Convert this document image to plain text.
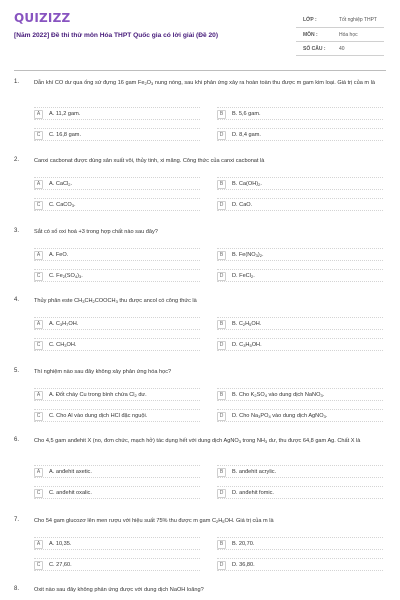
QUIZIZZ
[Năm 2022] Đề thi thử môn Hóa THPT Quốc gia có lời giải (Đề 20)
LỚP :	Tốt nghiệp THPT
MÔN :	Hóa học
SỐ CÂU :	40
1.	Dẫn khí CO dư qua ống sứ đựng 16 gam $Fe_2O_3$ nung nóng, sau khi phản ứng xảy ra hoàn toàn thu được m gam kim loại. Giá trị của m là
A	A. 11,2 gam.	B	B. 5,6 gam.
C	C. 16,8 gam.	D	D. 8,4 gam.
2.	Canxi cacbonat được dùng sản xuất vôi, thủy tinh, xi măng. Công thức của canxi cacbonat là
A	A. CaCl$_2$.	B	B. $Ca(OH)_2$.
C	C. CaCO$_3$.	D	D. CaO.
3.	Sắt có số oxi hoá +3 trong hợp chất nào sau đây?
A	A. FeO.	B	B. $Fe(NO_3)_2$.
C	C. $Fe_2(SO_4)_3$.	D	D. FeCl$_2$.
4.	Thủy phân este $CH_3CH_2COOCH_3$ thu được ancol có công thức là
A	A. $C_3H_7OH$.	B	B. $C_2H_5OH$.
C	C. $CH_3OH$.	D	D. $C_3H_5OH$.
5.	Thí nghiệm nào sau đây không xảy phản ứng hóa học?
A	A. Đốt cháy Cu trong bình chứa $Cl_2$ dư.	B	B. Cho $K_2SO_4$ vào dung dịch NaNO$_3$.
C	C. Cho Al vào dung dịch HCl đặc nguội.	D	D. Cho $Na_3PO_4$ vào dung dịch AgNO$_3$.
6.	Cho 4,5 gam anđehit X (no, đơn chức, mạch hở) tác dụng hết với dung dịch AgNO$_3$ trong $NH_3$ dư, thu được 64,8 gam Ag. Chất X là
A	A. anđehit axetic.	B	B. anđehit acrylic.
C	C. anđehit oxalic.	D	D. anđehit fomic.
7.	Cho 54 gam glucozơ lên men rượu với hiệu suất 75% thu được m gam $C_2H_5OH$. Giá trị của m là
A	A. 10,35.	B	B. 20,70.
C	C. 27,60.	D	D. 36,80.
8.	Oxit nào sau đây không phản ứng được với dung dịch NaOH loãng?
